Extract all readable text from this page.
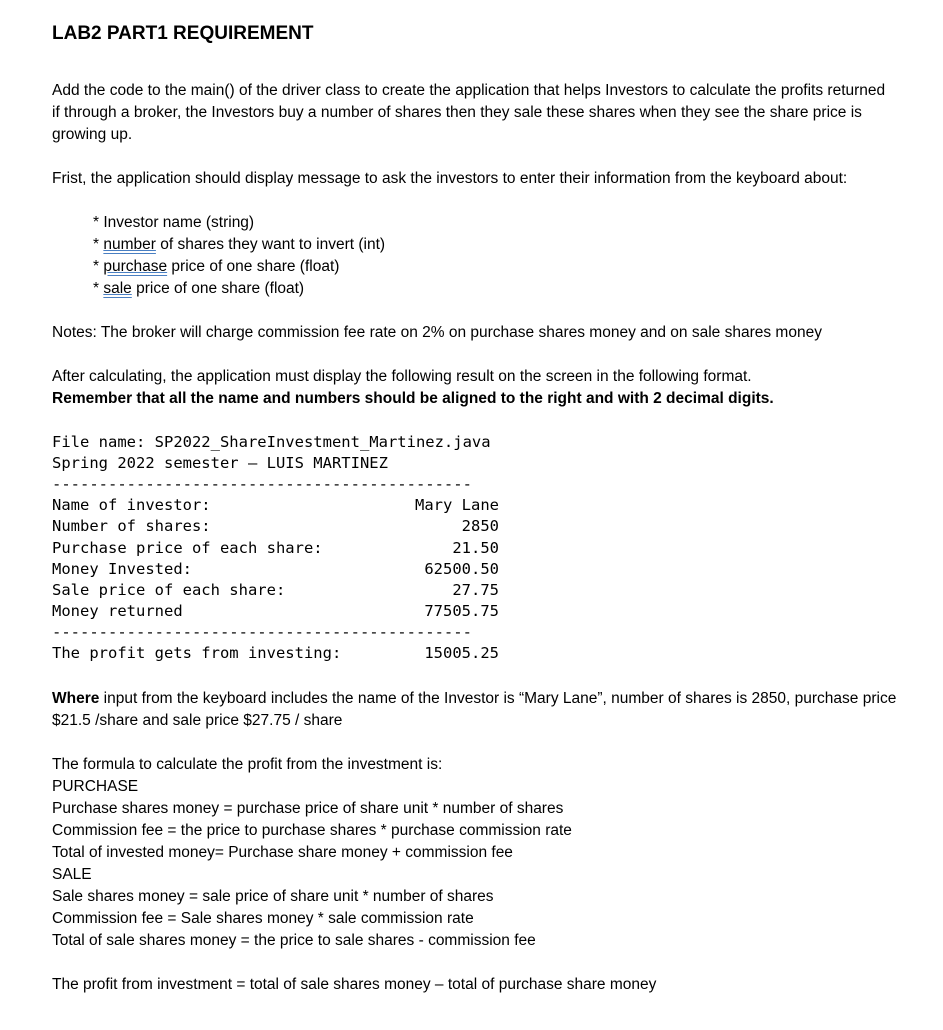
LAB2 PART1 REQUIREMENT
Add the code to the main() of the driver class to create the application that helps Investors to calculate the profits returned if through a broker, the Investors buy a number of shares then they sale these shares when they see the share price is growing up.
Frist, the application should display message to ask the investors to enter their information from the keyboard about:
* Investor name (string)
* number of shares they want to invert (int)
* purchase price of one share (float)
* sale price of one share (float)
Notes: The broker will charge commission fee rate on 2% on purchase shares money and on sale shares money
After calculating, the application must display the following result on the screen in the following format.
Remember that all the name and numbers should be aligned to the right and with 2 decimal digits.
File name: SP2022_ShareInvestment_Martinez.java
Spring 2022 semester – LUIS MARTINEZ
---------------------------------------------
Name of investor:	Mary Lane
Number of shares:	2850
Purchase price of each share:	21.50
Money Invested:	62500.50
Sale price of each share:	27.75
Money returned	77505.75
---------------------------------------------
The profit gets from investing:	15005.25
Where input from the keyboard includes the name of the Investor is “Mary Lane”, number of shares is 2850, purchase price $21.5 /share and sale price $27.75 / share
The formula to calculate the profit from the investment is:
PURCHASE
Purchase shares money = purchase price of share unit * number of shares
Commission fee = the price to purchase shares * purchase commission rate
Total of invested money= Purchase share money + commission fee
SALE
Sale shares money = sale price of share unit * number of shares
Commission fee = Sale shares money * sale commission rate
Total of sale shares money = the price to sale shares - commission fee
The profit from investment = total of sale shares money – total of purchase share money
